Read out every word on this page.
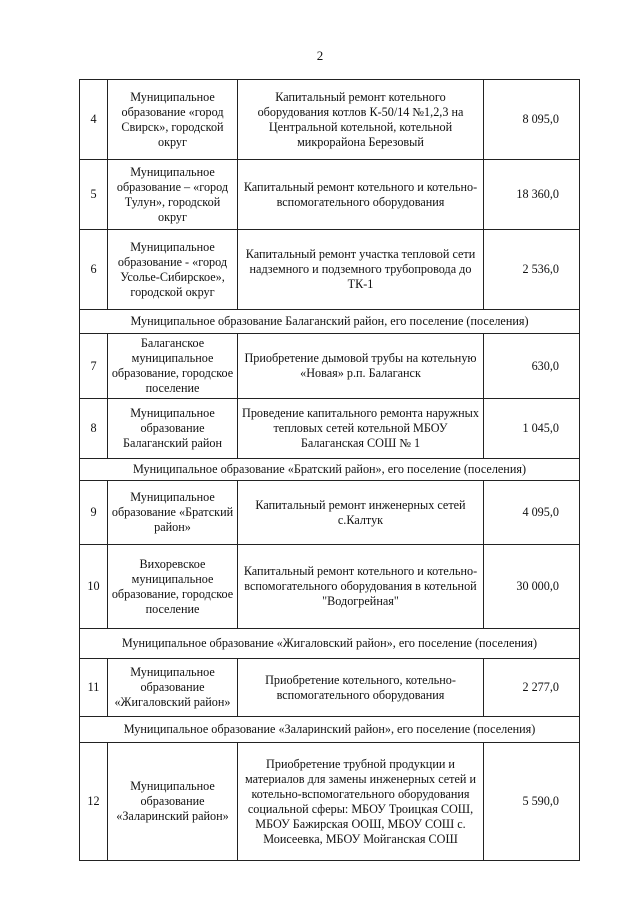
2
4	Муниципальное образование «город Свирск», городской округ	Капитальный ремонт котельного оборудования котлов К-50/14 №1,2,3 на Центральной котельной, котельной микрорайона Березовый	8 095,0
5	Муниципальное образование – «город Тулун», городской округ	Капитальный ремонт котельного и котельно-вспомогательного оборудования	18 360,0
6	Муниципальное образование - «город Усолье-Сибирское», городской округ	Капитальный ремонт участка тепловой сети надземного и подземного трубопровода до ТК-1	2 536,0
Муниципальное образование Балаганский район, его поселение (поселения)			
7	Балаганское муниципальное образование, городское поселение	Приобретение дымовой трубы на котельную «Новая» р.п. Балаганск	630,0
8	Муниципальное образование Балаганский район	Проведение капитального ремонта наружных тепловых сетей котельной МБОУ Балаганская СОШ № 1	1 045,0
Муниципальное образование «Братский район», его поселение (поселения)			
9	Муниципальное образование «Братский район»	Капитальный ремонт инженерных сетей с.Калтук	4 095,0
10	Вихоревское муниципальное образование, городское поселение	Капитальный ремонт котельного и котельно-вспомогательного оборудования в котельной "Водогрейная"	30 000,0
Муниципальное образование «Жигаловский район», его поселение (поселения)			
11	Муниципальное образование «Жигаловский район»	Приобретение котельного, котельно-вспомогательного оборудования	2 277,0
Муниципальное образование «Заларинский район», его поселение (поселения)			
12	Муниципальное образование «Заларинский район»	Приобретение трубной продукции и материалов для замены инженерных сетей и котельно-вспомогательного оборудования социальной сферы: МБОУ Троицкая СОШ, МБОУ Бажирская ООШ, МБОУ СОШ с. Моисеевка, МБОУ Мойганская СОШ	5 590,0
